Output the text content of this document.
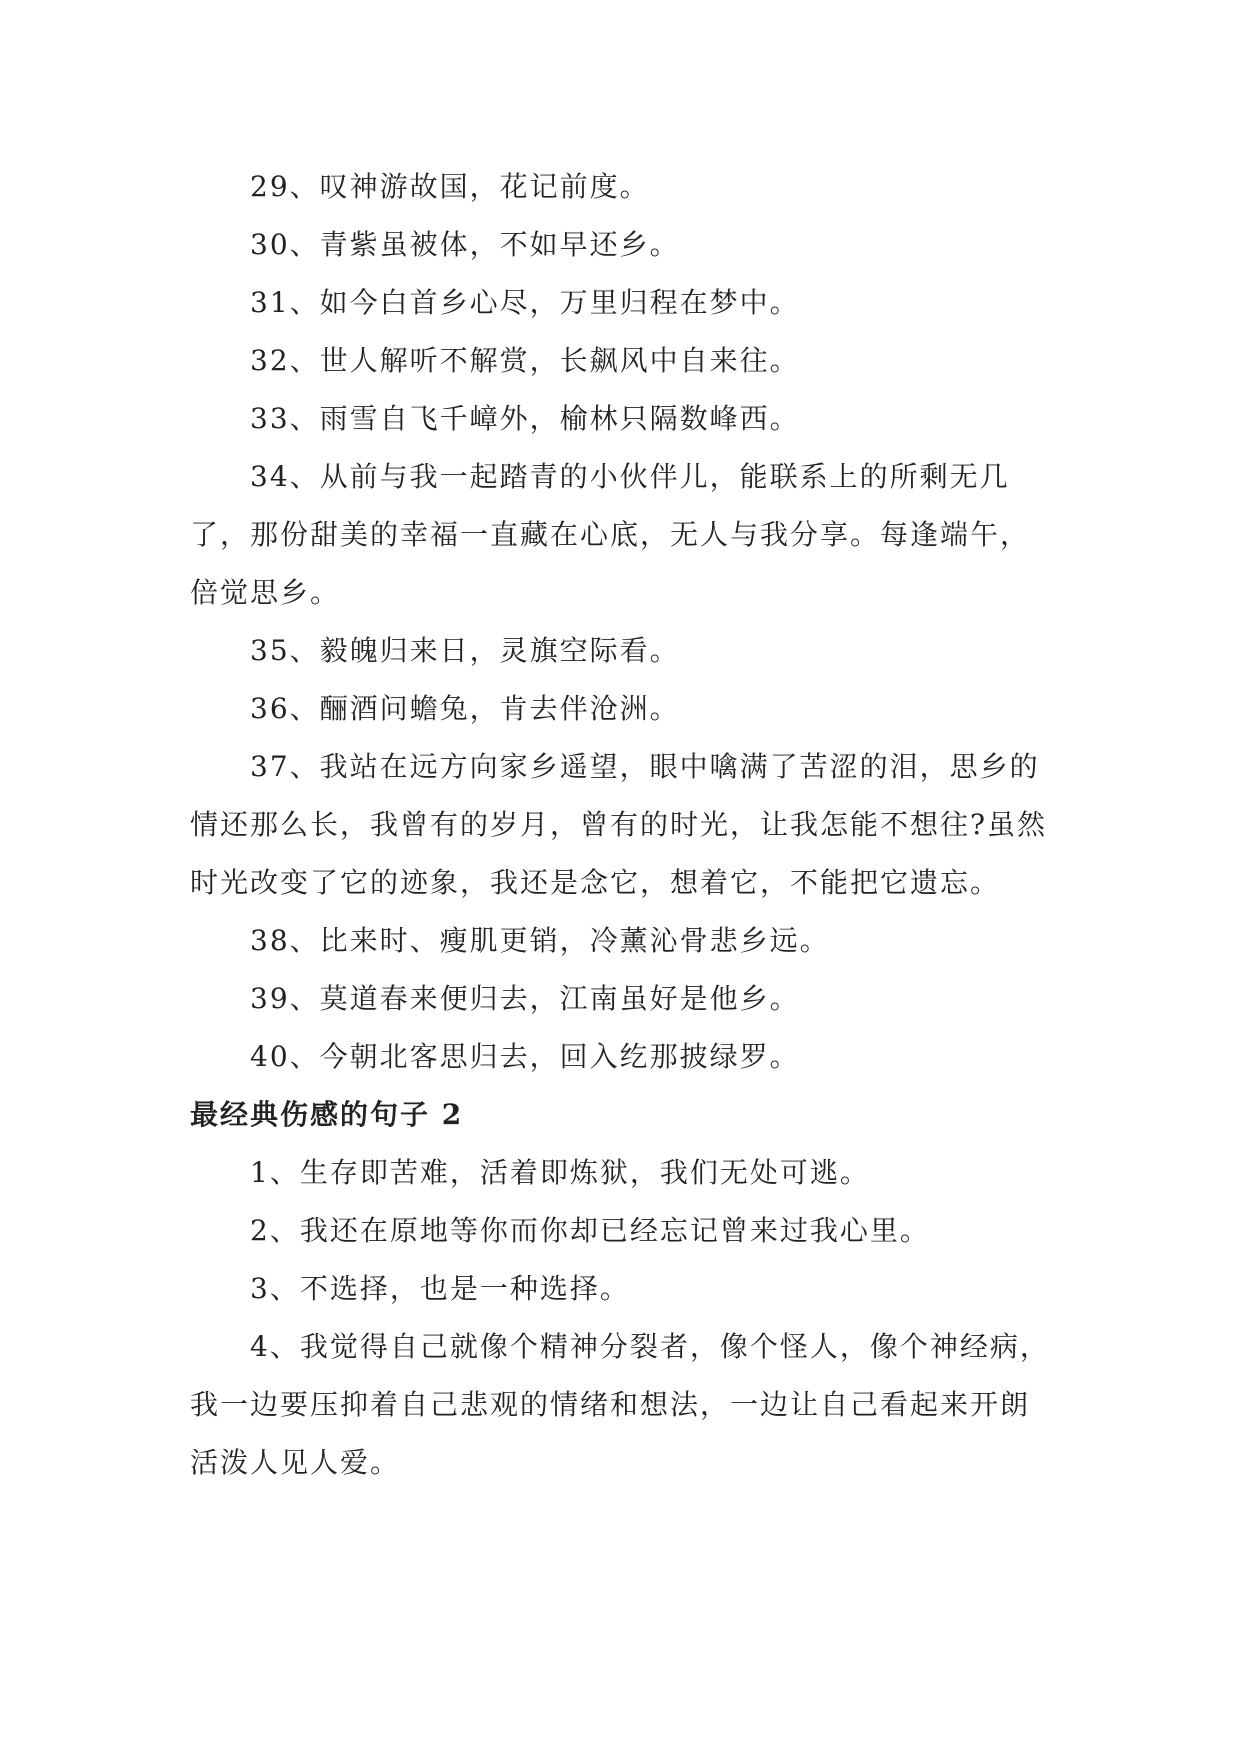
29、叹神游故国，花记前度。

30、青紫虽被体，不如早还乡。

31、如今白首乡心尽，万里归程在梦中。

32、世人解听不解赏，长飙风中自来往。

33、雨雪自飞千嶂外，榆林只隔数峰西。

34、从前与我一起踏青的小伙伴儿，能联系上的所剩无几了，那份甜美的幸福一直藏在心底，无人与我分享。每逢端午，倍觉思乡。

35、毅魄归来日，灵旗空际看。

36、酾酒问蟾兔，肯去伴沧洲。

37、我站在远方向家乡遥望，眼中噙满了苦涩的泪，思乡的情还那么长，我曾有的岁月，曾有的时光，让我怎能不想往?虽然时光改变了它的迹象，我还是念它，想着它，不能把它遗忘。

38、比来时、瘦肌更销，冷薰沁骨悲乡远。

39、莫道春来便归去，江南虽好是他乡。

40、今朝北客思归去，回入纥那披绿罗。

最经典伤感的句子 2

1、生存即苦难，活着即炼狱，我们无处可逃。

2、我还在原地等你而你却已经忘记曾来过我心里。

3、不选择，也是一种选择。

4、我觉得自己就像个精神分裂者，像个怪人，像个神经病，我一边要压抑着自己悲观的情绪和想法，一边让自己看起来开朗活泼人见人爱。
